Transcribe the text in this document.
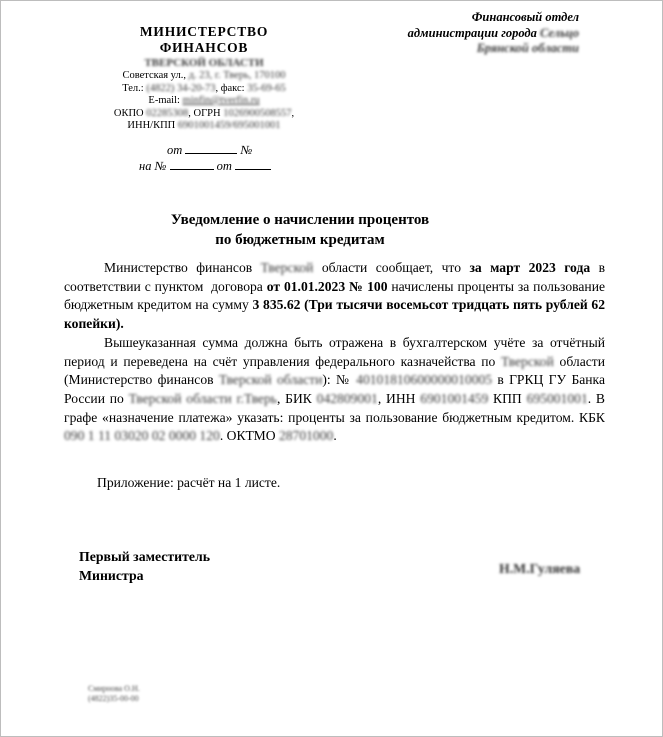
МИНИСТЕРСТВО
ФИНАНСОВ
ТВЕРСКОЙ ОБЛАСТИ
Советская ул., д. 23, г. Тверь, 170100
Тел.: (4822) 34-20-73, факс: 35-69-65
E-mail: minfin@tverfin.ru
ОКПО 02285308, ОГРН 1026900508557,
ИНН/КПП 6901001459/695001001
Финансовый отдел
администрации города Сельцо
Брянской области
от	№
на №	от
Уведомление о начислении процентов
по бюджетным кредитам

Министерство финансов Тверской области сообщает, что за март 2023 года в соответствии с пунктом  договора от 01.01.2023 № 100 начислены проценты за пользование бюджетным кредитом на сумму 3 835.62 (Три тысячи восемьсот тридцать пять рублей 62 копейки).

Вышеуказанная сумма должна быть отражена в бухгалтерском учёте за отчётный период и переведена на счёт управления федерального казначейства по Тверской области (Министерство финансов Тверской области): № 40101810600000010005 в ГРКЦ ГУ Банка России по Тверской области г.Тверь, БИК 042809001, ИНН 6901001459 КПП 695001001. В графе «назначение платежа» указать: проценты за пользование бюджетным кредитом. КБК 090 1 11 03020 02 0000 120. ОКТМО 28701000.

Приложение: расчёт на 1 листе.
Первый заместитель
Министра	Н.М.Гуляева
Смирнова О.Н.
(4822)35-00-00
